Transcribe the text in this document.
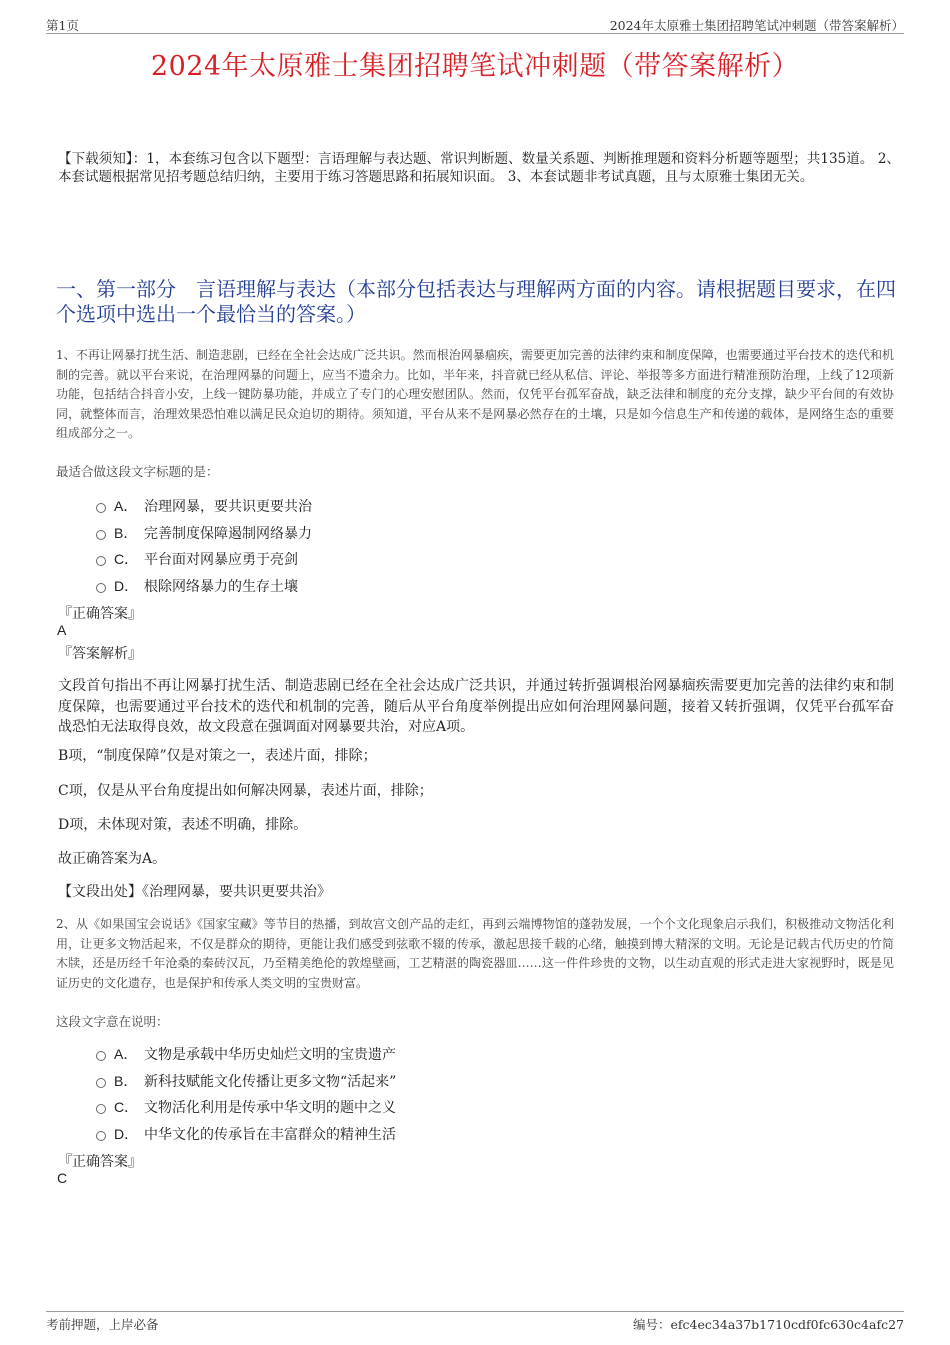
第1页	2024年太原雅士集团招聘笔试冲刺题（带答案解析）
2024年太原雅士集团招聘笔试冲刺题（带答案解析）
【下载须知】：1，本套练习包含以下题型：言语理解与表达题、常识判断题、数量关系题、判断推理题和资料分析题等题型；共135道。 2、本套试题根据常见招考题总结归纳，主要用于练习答题思路和拓展知识面。 3、本套试题非考试真题，且与太原雅士集团无关。
一、第一部分　言语理解与表达（本部分包括表达与理解两方面的内容。请根据题目要求，在四个选项中选出一个最恰当的答案。）
1、不再让网暴打扰生活、制造悲剧，已经在全社会达成广泛共识。然而根治网暴痼疾，需要更加完善的法律约束和制度保障，也需要通过平台技术的迭代和机制的完善。就以平台来说，在治理网暴的问题上，应当不遗余力。比如，半年来，抖音就已经从私信、评论、举报等多方面进行精准预防治理，上线了12项新功能，包括结合抖音小安，上线一键防暴功能，并成立了专门的心理安慰团队。然而，仅凭平台孤军奋战，缺乏法律和制度的充分支撑，缺少平台间的有效协同，就整体而言，治理效果恐怕难以满足民众迫切的期待。须知道，平台从来不是网暴必然存在的土壤，只是如今信息生产和传递的载体，是网络生态的重要组成部分之一。
最适合做这段文字标题的是：
A． 治理网暴，要共识更要共治
B． 完善制度保障遏制网络暴力
C． 平台面对网暴应勇于亮剑
D． 根除网络暴力的生存土壤
『正确答案』
A
『答案解析』
文段首句指出不再让网暴打扰生活、制造悲剧已经在全社会达成广泛共识，并通过转折强调根治网暴痼疾需要更加完善的法律约束和制度保障，也需要通过平台技术的迭代和机制的完善，随后从平台角度举例提出应如何治理网暴问题，接着又转折强调，仅凭平台孤军奋战恐怕无法取得良效，故文段意在强调面对网暴要共治，对应A项。
B项，“制度保障”仅是对策之一，表述片面，排除；
C项，仅是从平台角度提出如何解决网暴，表述片面，排除；
D项，未体现对策，表述不明确，排除。
故正确答案为A。
【文段出处】《治理网暴，要共识更要共治》
2、从《如果国宝会说话》《国家宝藏》等节目的热播，到故宫文创产品的走红，再到云端博物馆的蓬勃发展，一个个文化现象启示我们，积极推动文物活化利用，让更多文物活起来，不仅是群众的期待，更能让我们感受到弦歌不辍的传承，激起思接千载的心绪，触摸到博大精深的文明。无论是记载古代历史的竹简木牍，还是历经千年沧桑的秦砖汉瓦，乃至精美绝伦的敦煌壁画，工艺精湛的陶瓷器皿……这一件件珍贵的文物，以生动直观的形式走进大家视野时，既是见证历史的文化遗存，也是保护和传承人类文明的宝贵财富。
这段文字意在说明：
A． 文物是承载中华历史灿烂文明的宝贵遗产
B． 新科技赋能文化传播让更多文物“活起来”
C． 文物活化利用是传承中华文明的题中之义
D． 中华文化的传承旨在丰富群众的精神生活
『正确答案』
C
考前押题，上岸必备	编号：efc4ec34a37b1710cdf0fc630c4afc27
